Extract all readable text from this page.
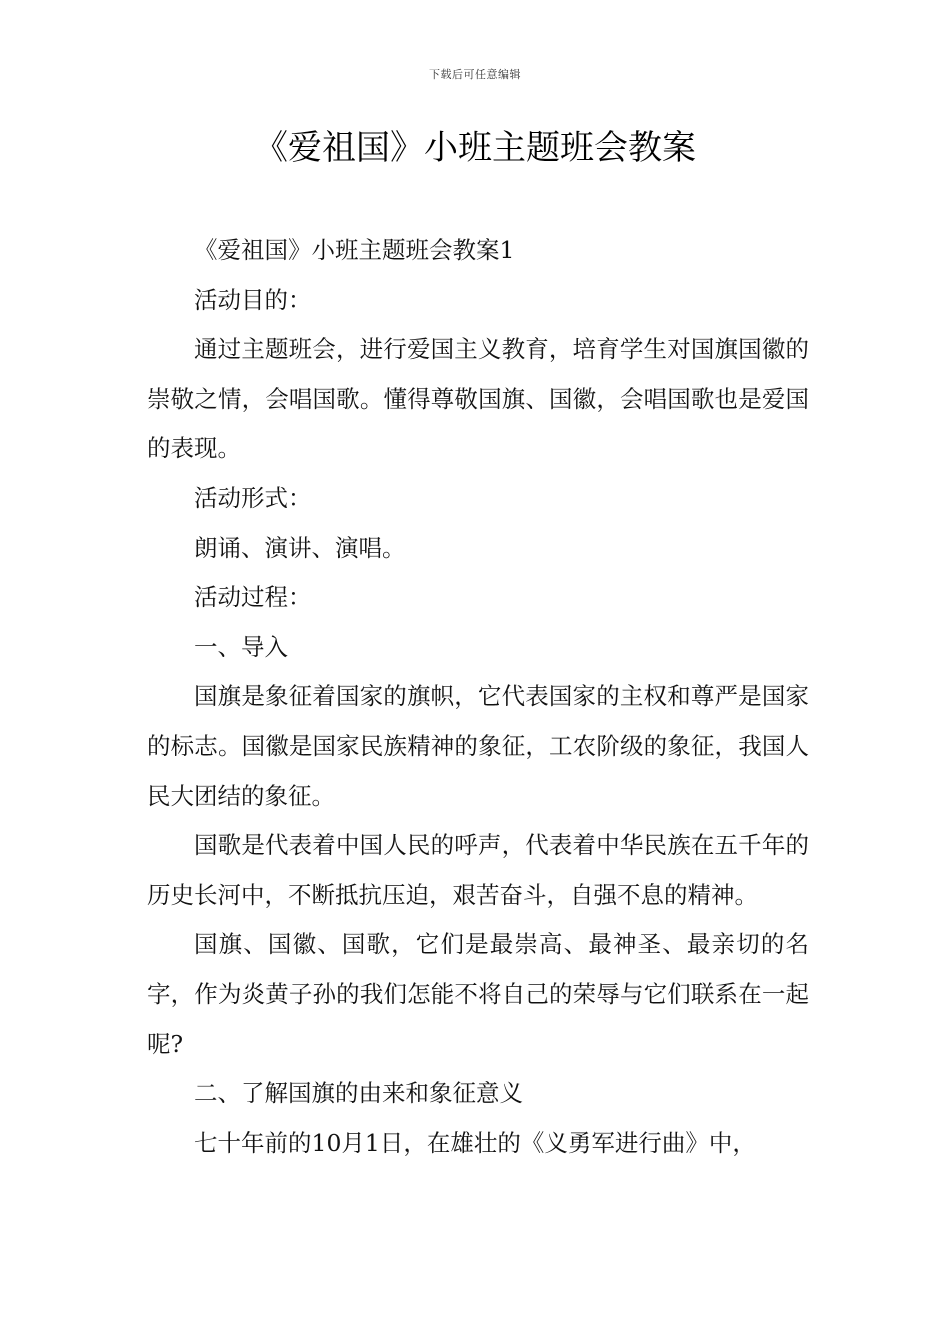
下载后可任意编辑
《爱祖国》小班主题班会教案

《爱祖国》小班主题班会教案1

活动目的：

通过主题班会，进行爱国主义教育，培育学生对国旗国徽的崇敬之情，会唱国歌。懂得尊敬国旗、国徽，会唱国歌也是爱国的表现。

活动形式：

朗诵、演讲、演唱。

活动过程：

一、导入

国旗是象征着国家的旗帜，它代表国家的主权和尊严是国家的标志。国徽是国家民族精神的象征，工农阶级的象征，我国人民大团结的象征。

国歌是代表着中国人民的呼声，代表着中华民族在五千年的历史长河中，不断抵抗压迫，艰苦奋斗，自强不息的精神。

国旗、国徽、国歌，它们是最崇高、最神圣、最亲切的名字，作为炎黄子孙的我们怎能不将自己的荣辱与它们联系在一起呢?

二、了解国旗的由来和象征意义

七十年前的10月1日，在雄壮的《义勇军进行曲》中，
